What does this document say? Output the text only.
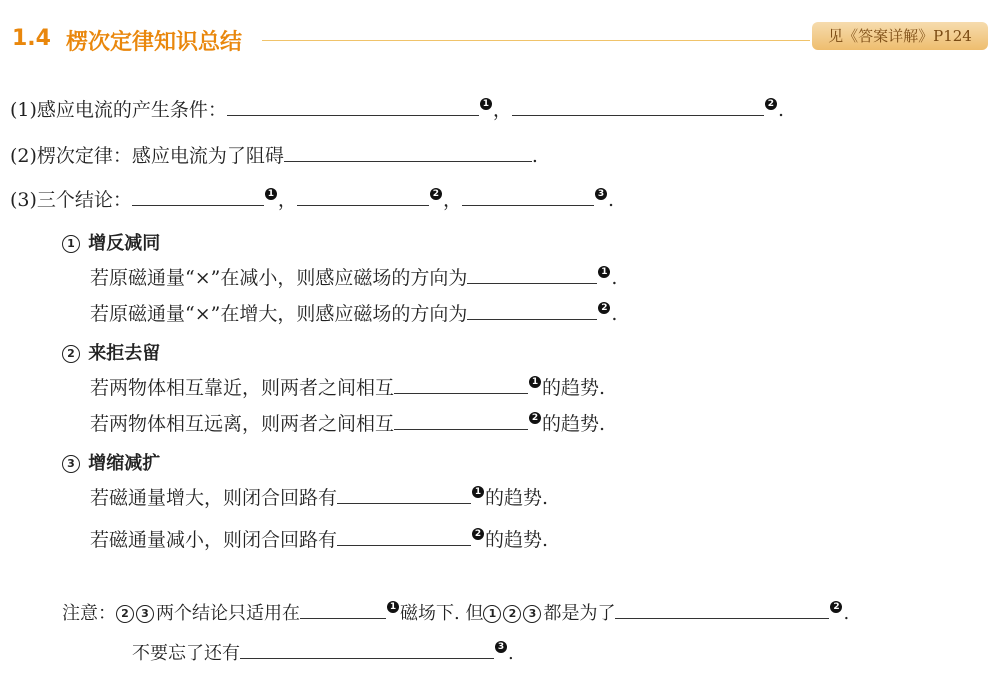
1.4 楞次定律知识总结	见《答案详解》P124
(1)感应电流的产生条件：	1 ，	2 .
(2)楞次定律：感应电流为了阻碍	.
(3)三个结论：	1 ，	2 ，	3 .
1 增反减同
若原磁通量“×”在减小，则感应磁场的方向为	1 .
若原磁通量“×”在增大，则感应磁场的方向为	2 .
2 来拒去留
若两物体相互靠近，则两者之间相互	1 的趋势.
若两物体相互远离，则两者之间相互	2 的趋势.
3 增缩减扩
若磁通量增大，则闭合回路有	1 的趋势.
若磁通量减小，则闭合回路有	2 的趋势.
注意： 2 3 两个结论只适用在	1 磁场下. 但 1 2 3 都是为了	2 .
不要忘了还有	3 .
